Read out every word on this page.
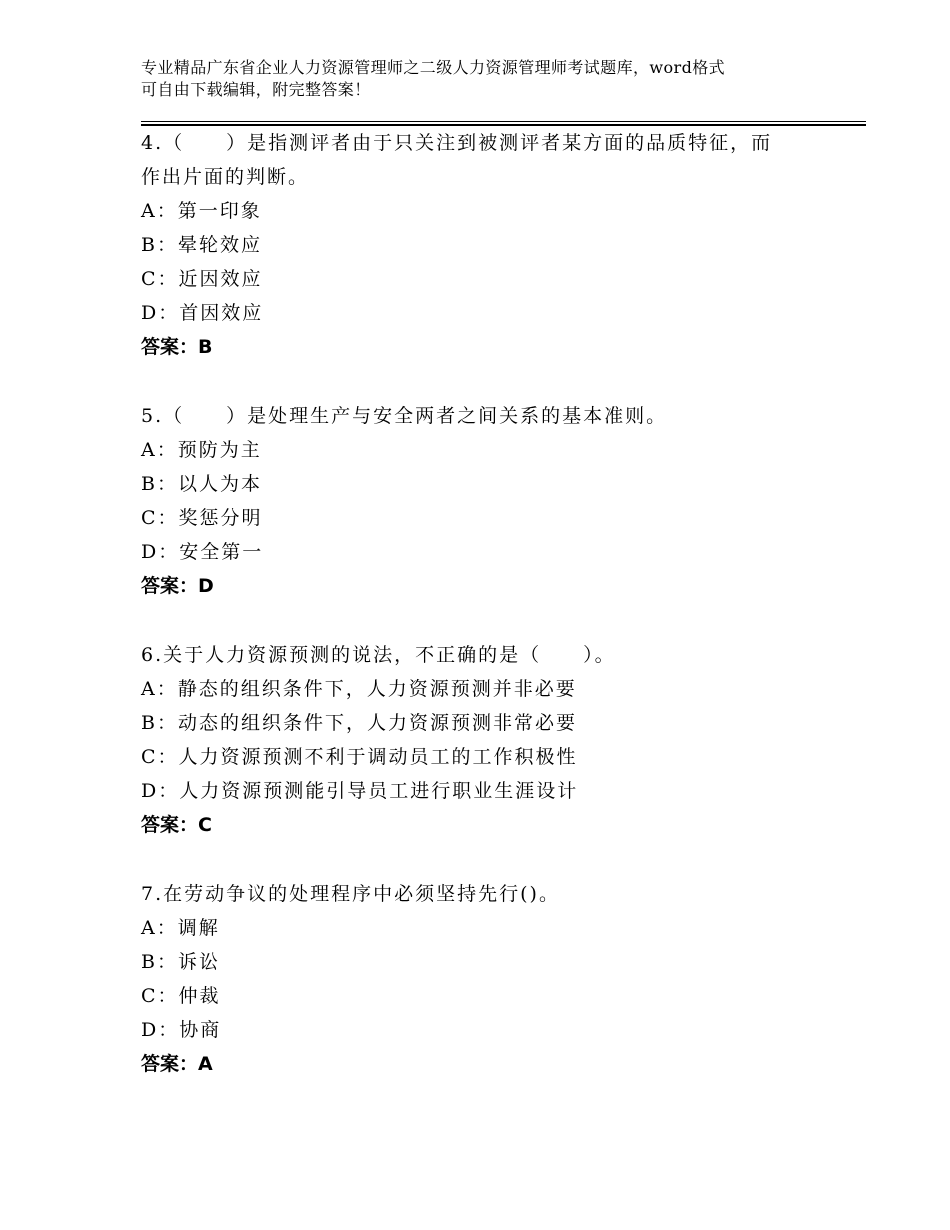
专业精品广东省企业人力资源管理师之二级人力资源管理师考试题库，word格式
可自由下载编辑，附完整答案！
4.（　　）是指测评者由于只关注到被测评者某方面的品质特征，而
作出片面的判断。
A：第一印象
B：晕轮效应
C：近因效应
D：首因效应
答案：B
5.（　　）是处理生产与安全两者之间关系的基本准则。
A：预防为主
B：以人为本
C：奖惩分明
D：安全第一
答案：D
6.关于人力资源预测的说法，不正确的是（　　）。
A：静态的组织条件下，人力资源预测并非必要
B：动态的组织条件下，人力资源预测非常必要
C：人力资源预测不利于调动员工的工作积极性
D：人力资源预测能引导员工进行职业生涯设计
答案：C
7.在劳动争议的处理程序中必须坚持先行()。
A：调解
B：诉讼
C：仲裁
D：协商
答案：A
